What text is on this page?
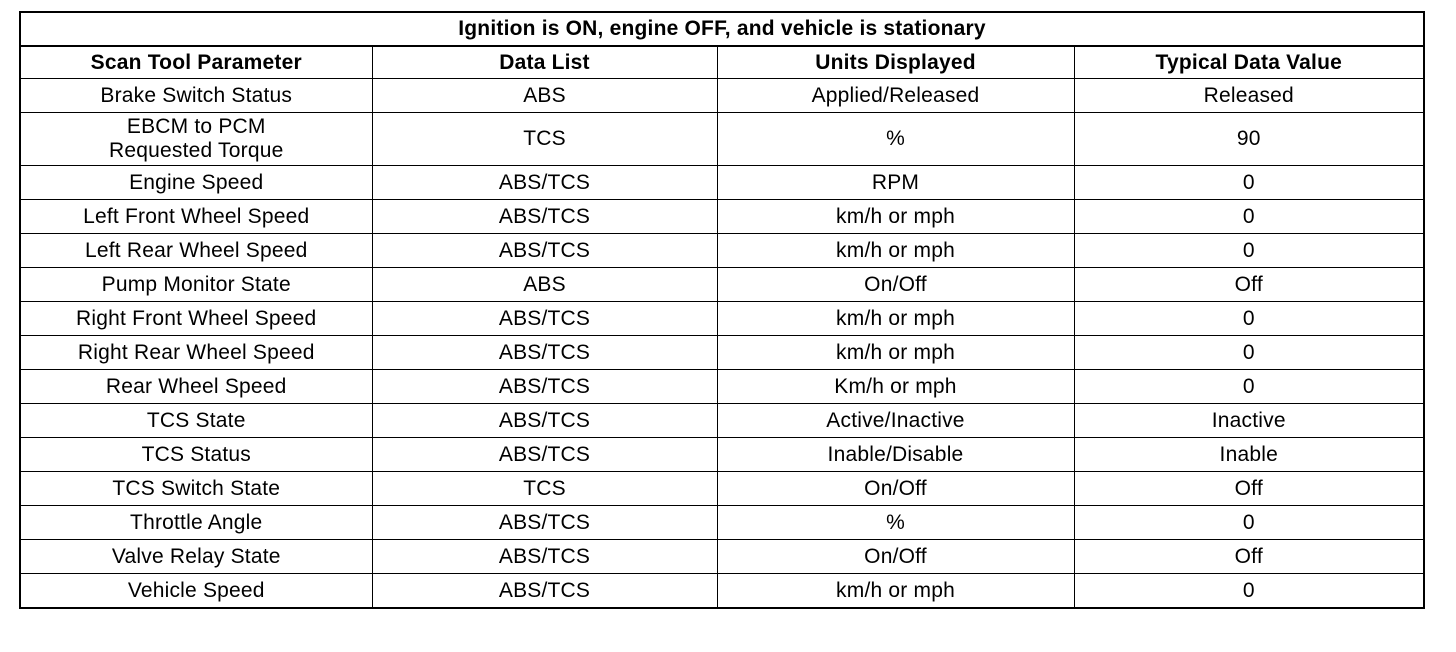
Ignition is ON, engine OFF, and vehicle is stationary			
Scan Tool Parameter	Data List	Units Displayed	Typical Data Value
Brake Switch Status	ABS	Applied/Released	Released
EBCM to PCM Requested Torque	TCS	%	90
Engine Speed	ABS/TCS	RPM	0
Left Front Wheel Speed	ABS/TCS	km/h or mph	0
Left Rear Wheel Speed	ABS/TCS	km/h or mph	0
Pump Monitor State	ABS	On/Off	Off
Right Front Wheel Speed	ABS/TCS	km/h or mph	0
Right Rear Wheel Speed	ABS/TCS	km/h or mph	0
Rear Wheel Speed	ABS/TCS	Km/h or mph	0
TCS State	ABS/TCS	Active/Inactive	Inactive
TCS Status	ABS/TCS	Inable/Disable	Inable
TCS Switch State	TCS	On/Off	Off
Throttle Angle	ABS/TCS	%	0
Valve Relay State	ABS/TCS	On/Off	Off
Vehicle Speed	ABS/TCS	km/h or mph	0
